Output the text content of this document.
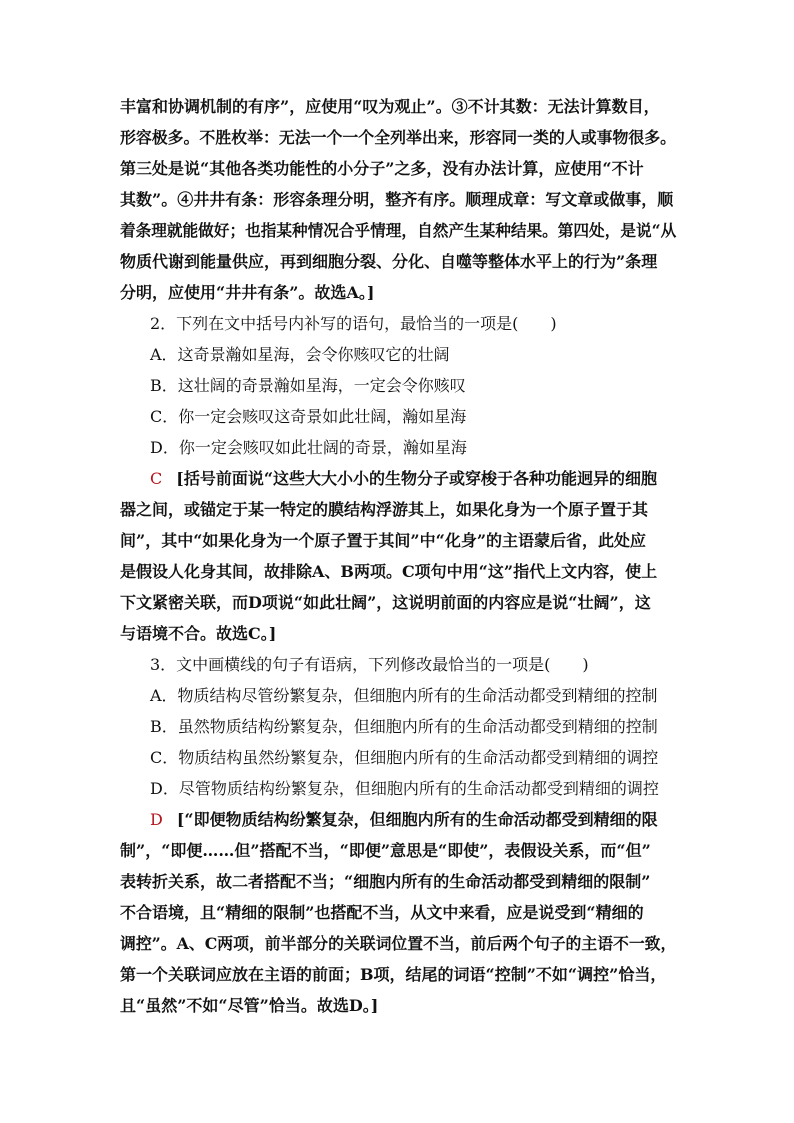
丰富和协调机制的有序”，应使用“叹为观止”。③不计其数：无法计算数目，
形容极多。不胜枚举：无法一个一个全列举出来，形容同一类的人或事物很多。
第三处是说“其他各类功能性的小分子”之多，没有办法计算，应使用“不计
其数”。④井井有条：形容条理分明，整齐有序。顺理成章：写文章或做事，顺
着条理就能做好；也指某种情况合乎情理，自然产生某种结果。第四处，是说“从
物质代谢到能量供应，再到细胞分裂、分化、自噬等整体水平上的行为”条理
分明，应使用“井井有条”。故选A。]
2．下列在文中括号内补写的语句，最恰当的一项是(　　)
A．这奇景瀚如星海，会令你赅叹它的壮阔
B．这壮阔的奇景瀚如星海，一定会令你赅叹
C．你一定会赅叹这奇景如此壮阔，瀚如星海
D．你一定会赅叹如此壮阔的奇景，瀚如星海
C [括号前面说“这些大大小小的生物分子或穿梭于各种功能迥异的细胞
器之间，或锚定于某一特定的膜结构浮游其上，如果化身为一个原子置于其
间”，其中“如果化身为一个原子置于其间”中“化身”的主语蒙后省，此处应
是假设人化身其间，故排除A、B两项。C项句中用“这”指代上文内容，使上
下文紧密关联，而D项说“如此壮阔”，这说明前面的内容应是说“壮阔”，这
与语境不合。故选C。]
3．文中画横线的句子有语病，下列修改最恰当的一项是(　　)
A．物质结构尽管纷繁复杂，但细胞内所有的生命活动都受到精细的控制
B．虽然物质结构纷繁复杂，但细胞内所有的生命活动都受到精细的控制
C．物质结构虽然纷繁复杂，但细胞内所有的生命活动都受到精细的调控
D．尽管物质结构纷繁复杂，但细胞内所有的生命活动都受到精细的调控
D [“即便物质结构纷繁复杂，但细胞内所有的生命活动都受到精细的限
制”，“即便……但”搭配不当，“即便”意思是“即使”，表假设关系，而“但”
表转折关系，故二者搭配不当；“细胞内所有的生命活动都受到精细的限制”
不合语境，且“精细的限制”也搭配不当，从文中来看，应是说受到“精细的
调控”。A、C两项，前半部分的关联词位置不当，前后两个句子的主语不一致，
第一个关联词应放在主语的前面；B项，结尾的词语“控制”不如“调控”恰当，
且“虽然”不如“尽管”恰当。故选D。]
